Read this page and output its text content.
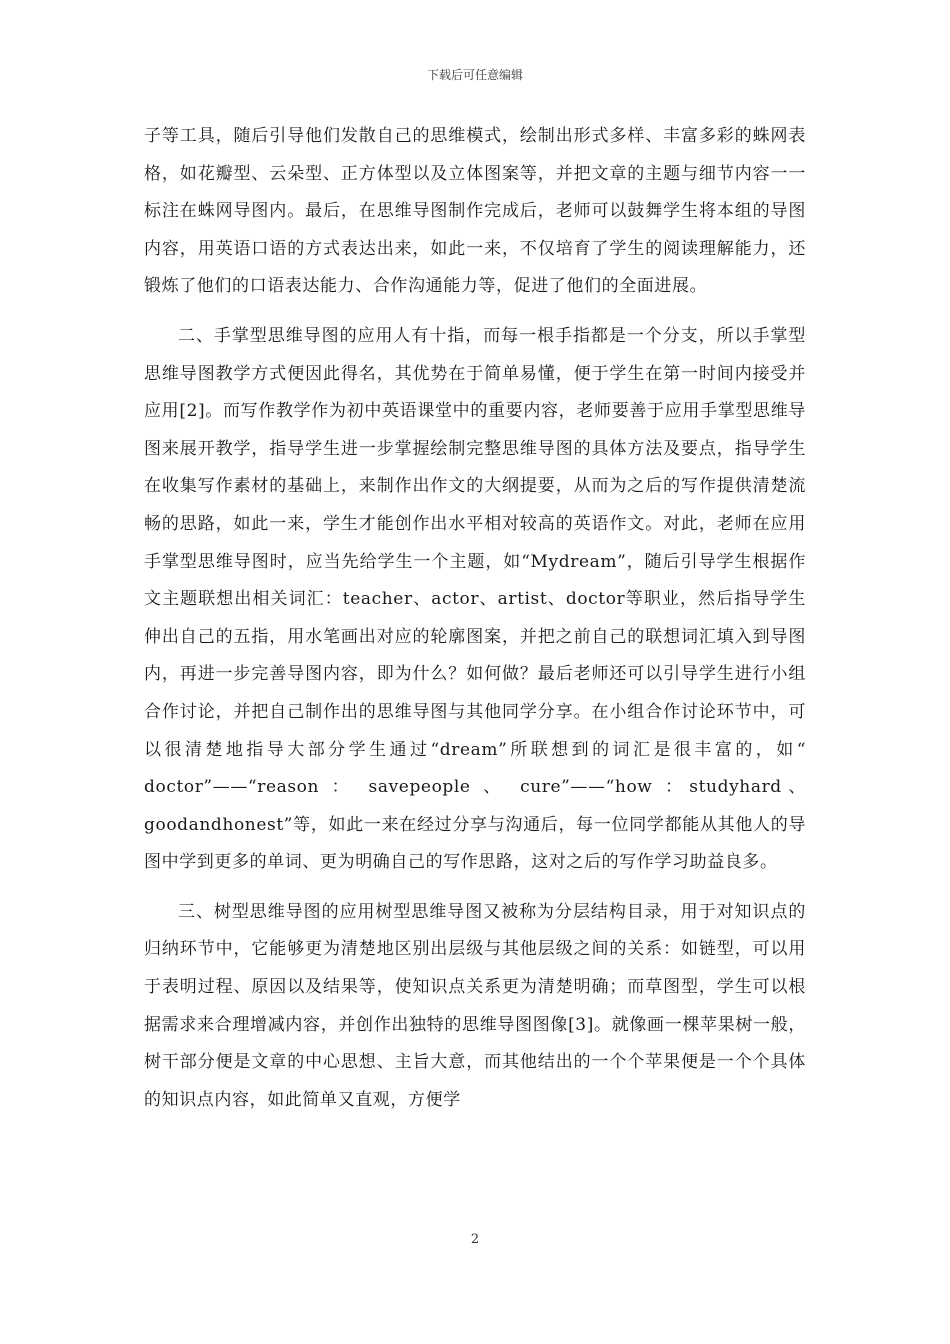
下载后可任意编辑

子等工具，随后引导他们发散自己的思维模式，绘制出形式多样、丰富多彩的蛛网表格，如花瓣型、云朵型、正方体型以及立体图案等，并把文章的主题与细节内容一一标注在蛛网导图内。最后，在思维导图制作完成后，老师可以鼓舞学生将本组的导图内容，用英语口语的方式表达出来，如此一来，不仅培育了学生的阅读理解能力，还锻炼了他们的口语表达能力、合作沟通能力等，促进了他们的全面进展。

二、手掌型思维导图的应用人有十指，而每一根手指都是一个分支，所以手掌型思维导图教学方式便因此得名，其优势在于简单易懂，便于学生在第一时间内接受并应用[2]。而写作教学作为初中英语课堂中的重要内容，老师要善于应用手掌型思维导图来展开教学，指导学生进一步掌握绘制完整思维导图的具体方法及要点，指导学生在收集写作素材的基础上，来制作出作文的大纲提要，从而为之后的写作提供清楚流畅的思路，如此一来，学生才能创作出水平相对较高的英语作文。对此，老师在应用手掌型思维导图时，应当先给学生一个主题，如“Mydream”，随后引导学生根据作文主题联想出相关词汇：teacher、actor、artist、doctor等职业，然后指导学生伸出自己的五指，用水笔画出对应的轮廓图案，并把之前自己的联想词汇填入到导图内，再进一步完善导图内容，即为什么？如何做？最后老师还可以引导学生进行小组合作讨论，并把自己制作出的思维导图与其他同学分享。在小组合作讨论环节中，可以很清楚地指导大部分学生通过“dream”所联想到的词汇是很丰富的，如“ doctor”——“reason ： savepeople 、 cure”——“how ：studyhard、goodandhonest”等，如此一来在经过分享与沟通后，每一位同学都能从其他人的导图中学到更多的单词、更为明确自己的写作思路，这对之后的写作学习助益良多。

三、树型思维导图的应用树型思维导图又被称为分层结构目录，用于对知识点的归纳环节中，它能够更为清楚地区别出层级与其他层级之间的关系：如链型，可以用于表明过程、原因以及结果等，使知识点关系更为清楚明确；而草图型，学生可以根据需求来合理增减内容，并创作出独特的思维导图图像[3]。就像画一棵苹果树一般，树干部分便是文章的中心思想、主旨大意，而其他结出的一个个苹果便是一个个具体的知识点内容，如此简单又直观，方便学

2
